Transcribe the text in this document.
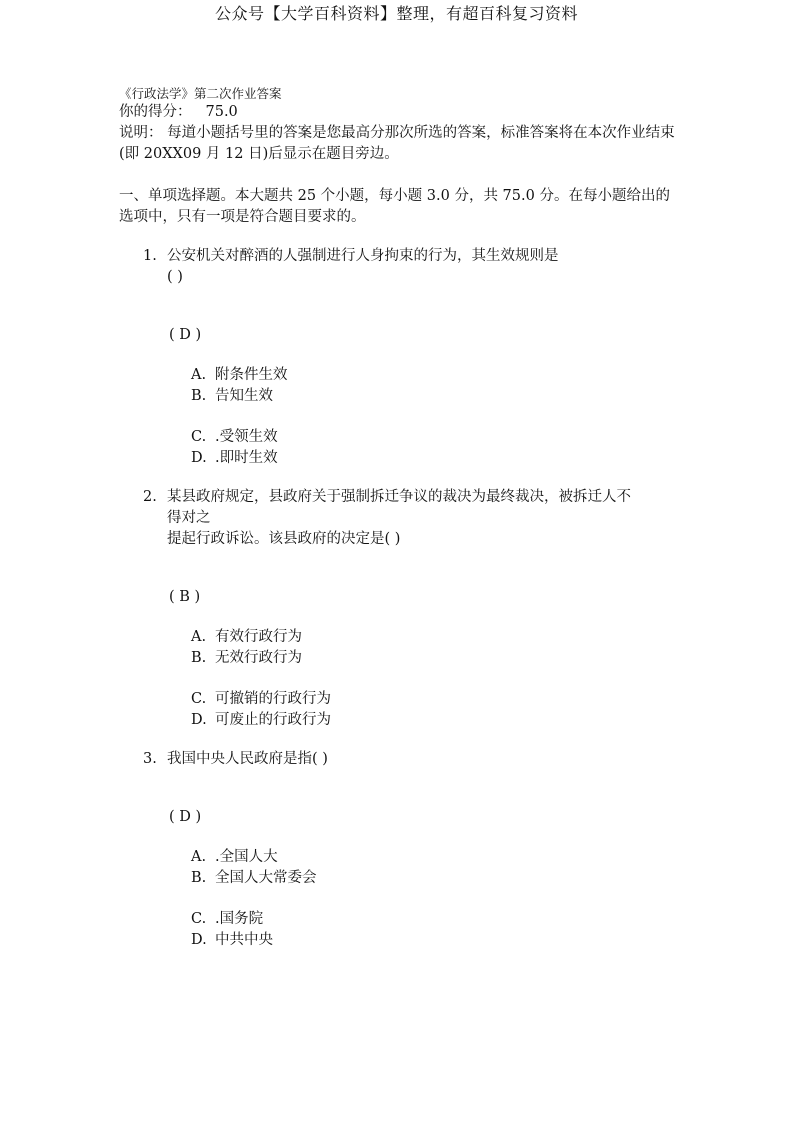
公众号【大学百科资料】整理，有超百科复习资料
《行政法学》第二次作业答案
你的得分： 75.0
说明： 每道小题括号里的答案是您最高分那次所选的答案，标准答案将在本次作业结束(即 20XX09 月 12 日)后显示在题目旁边。
一、单项选择题。本大题共 25 个小题，每小题 3.0 分，共 75.0 分。在每小题给出的选项中，只有一项是符合题目要求的。
1. 公安机关对醉酒的人强制进行人身拘束的行为，其生效规则是
( )
( D )
A. 附条件生效
B. 告知生效
C. .受领生效
D. .即时生效
2. 某县政府规定，县政府关于强制拆迁争议的裁决为最终裁决，被拆迁人不
得对之
提起行政诉讼。该县政府的决定是( )
( B )
A. 有效行政行为
B. 无效行政行为
C. 可撤销的行政行为
D. 可废止的行政行为
3. 我国中央人民政府是指( )
( D )
A. .全国人大
B. 全国人大常委会
C. .国务院
D. 中共中央
